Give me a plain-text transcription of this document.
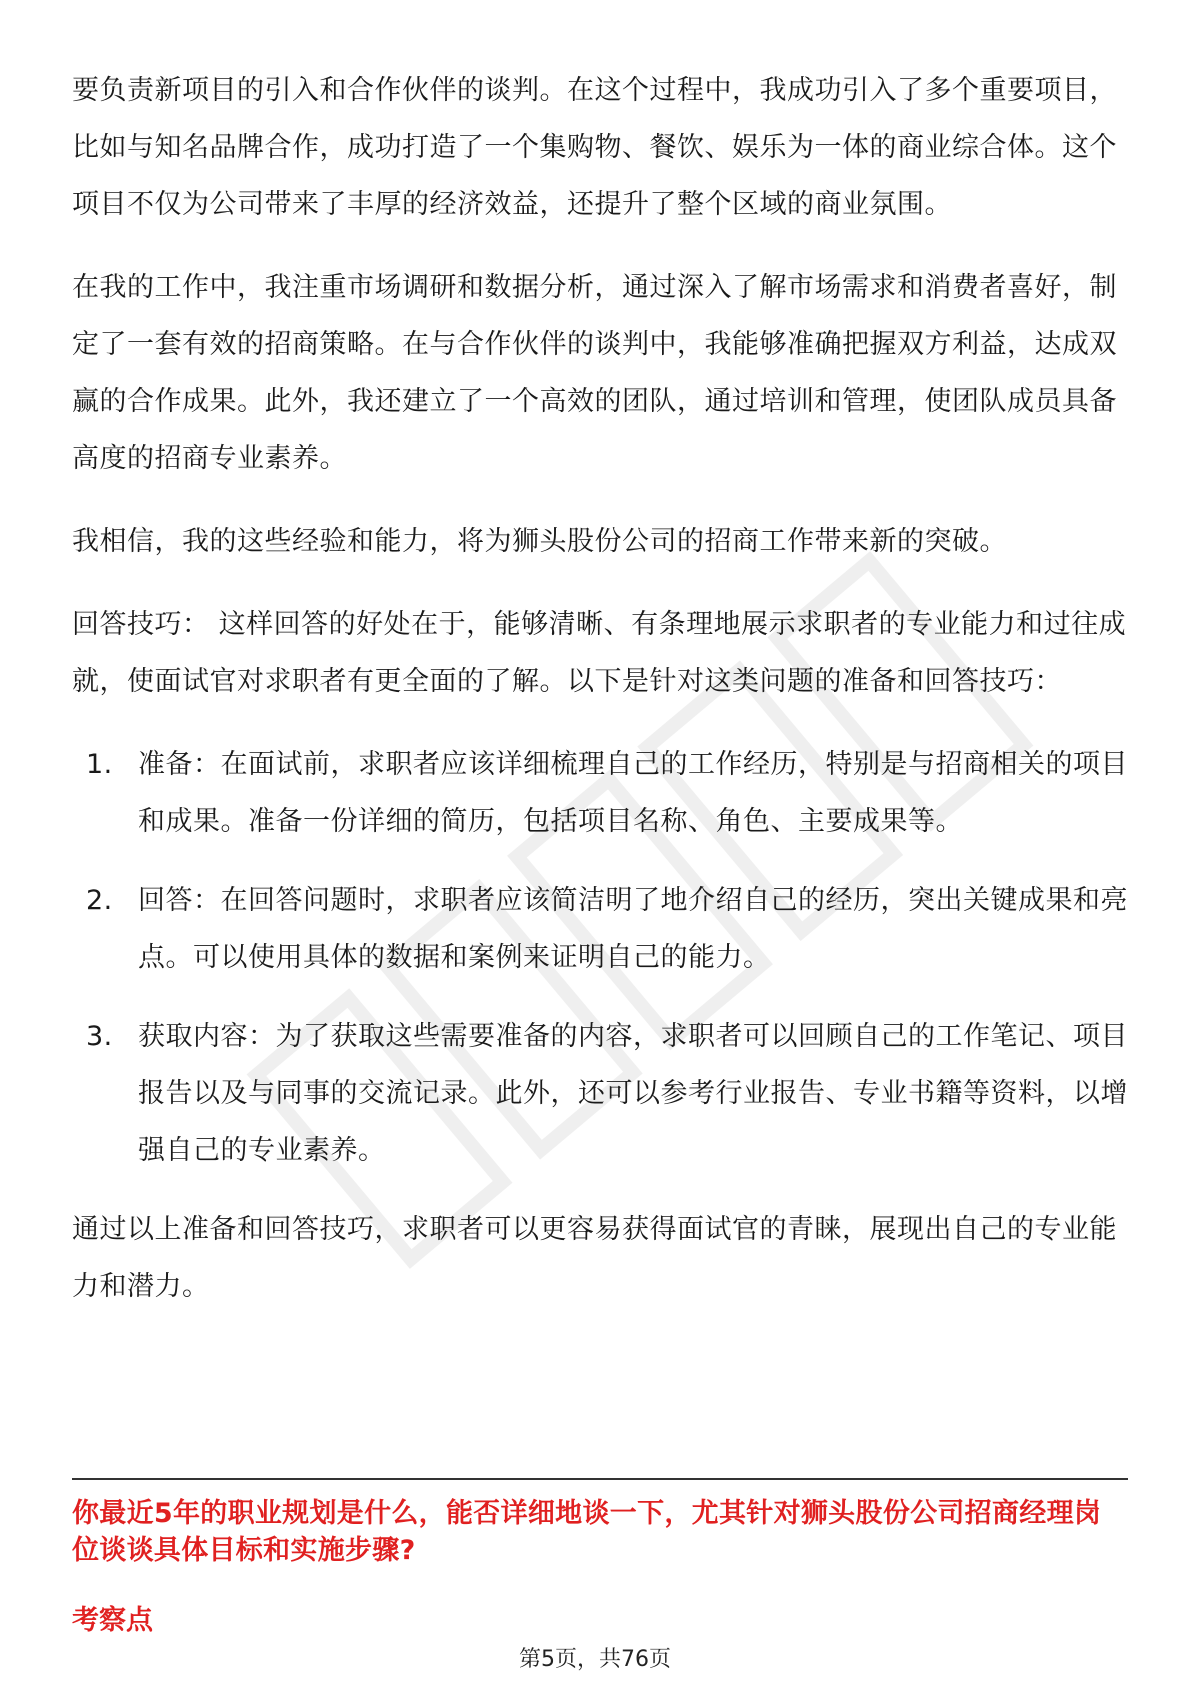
要负责新项目的引入和合作伙伴的谈判。在这个过程中，我成功引入了多个重要项目，比如与知名品牌合作，成功打造了一个集购物、餐饮、娱乐为一体的商业综合体。这个项目不仅为公司带来了丰厚的经济效益，还提升了整个区域的商业氛围。

在我的工作中，我注重市场调研和数据分析，通过深入了解市场需求和消费者喜好，制定了一套有效的招商策略。在与合作伙伴的谈判中，我能够准确把握双方利益，达成双赢的合作成果。此外，我还建立了一个高效的团队，通过培训和管理，使团队成员具备高度的招商专业素养。

我相信，我的这些经验和能力，将为狮头股份公司的招商工作带来新的突破。

回答技巧： 这样回答的好处在于，能够清晰、有条理地展示求职者的专业能力和过往成就，使面试官对求职者有更全面的了解。以下是针对这类问题的准备和回答技巧：

1. 准备：在面试前，求职者应该详细梳理自己的工作经历，特别是与招商相关的项目和成果。准备一份详细的简历，包括项目名称、角色、主要成果等。
2. 回答：在回答问题时，求职者应该简洁明了地介绍自己的经历，突出关键成果和亮点。可以使用具体的数据和案例来证明自己的能力。
3. 获取内容：为了获取这些需要准备的内容，求职者可以回顾自己的工作笔记、项目报告以及与同事的交流记录。此外，还可以参考行业报告、专业书籍等资料，以增强自己的专业素养。

通过以上准备和回答技巧，求职者可以更容易获得面试官的青睐，展现出自己的专业能力和潜力。

你最近5年的职业规划是什么，能否详细地谈一下，尤其针对狮头股份公司招商经理岗位谈谈具体目标和实施步骤?
考察点
第5页，共76页
